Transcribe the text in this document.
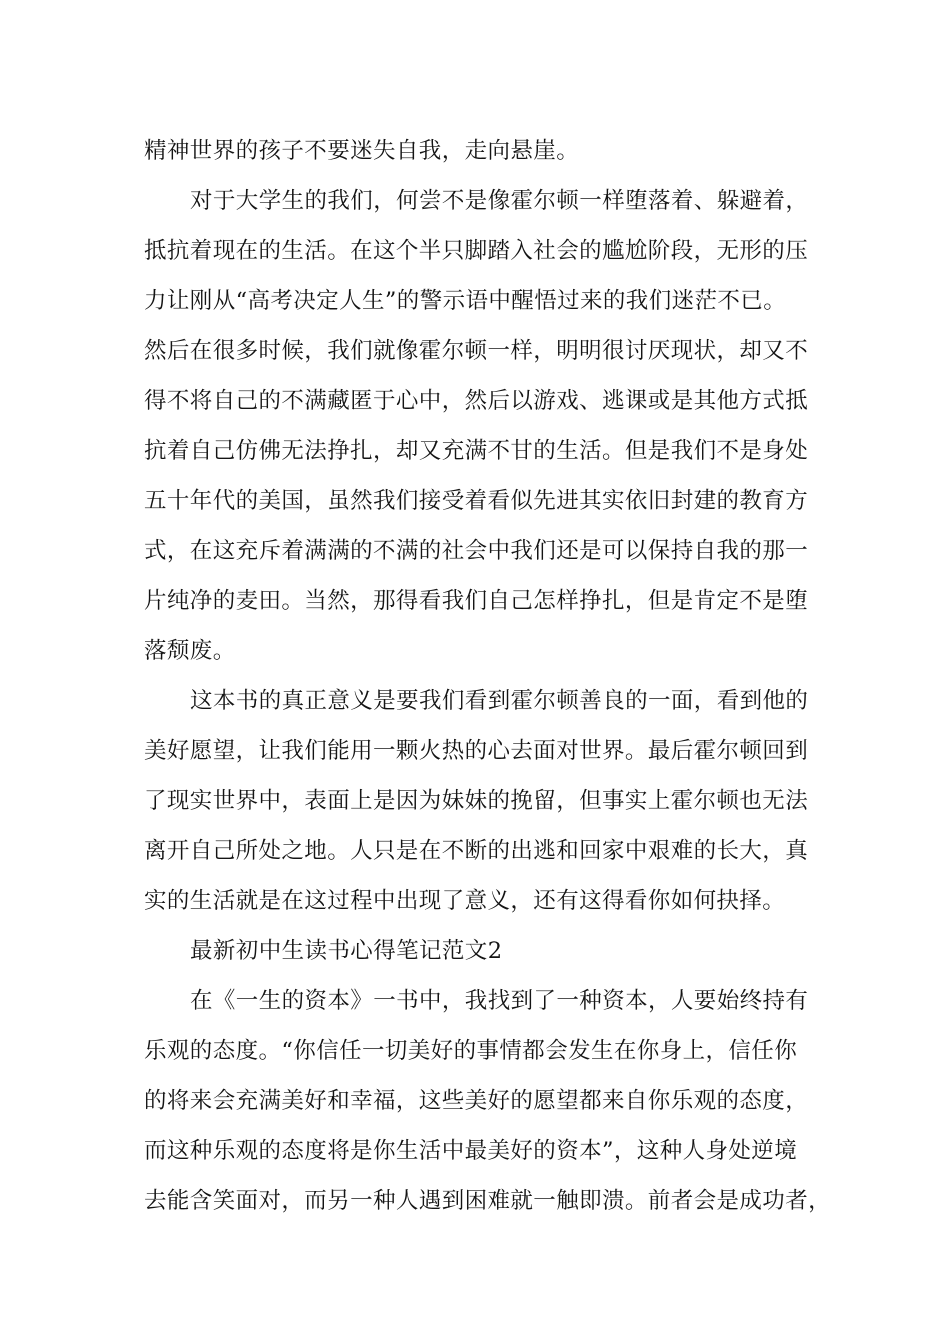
精神世界的孩子不要迷失自我，走向悬崖。

对于大学生的我们，何尝不是像霍尔顿一样堕落着、躲避着，
抵抗着现在的生活。在这个半只脚踏入社会的尴尬阶段，无形的压
力让刚从“高考决定人生”的警示语中醒悟过来的我们迷茫不已。
然后在很多时候，我们就像霍尔顿一样，明明很讨厌现状，却又不
得不将自己的不满藏匿于心中，然后以游戏、逃课或是其他方式抵
抗着自己仿佛无法挣扎，却又充满不甘的生活。但是我们不是身处
五十年代的美国，虽然我们接受着看似先进其实依旧封建的教育方
式，在这充斥着满满的不满的社会中我们还是可以保持自我的那一
片纯净的麦田。当然，那得看我们自己怎样挣扎，但是肯定不是堕
落颓废。

这本书的真正意义是要我们看到霍尔顿善良的一面，看到他的
美好愿望，让我们能用一颗火热的心去面对世界。最后霍尔顿回到
了现实世界中，表面上是因为妹妹的挽留，但事实上霍尔顿也无法
离开自己所处之地。人只是在不断的出逃和回家中艰难的长大，真
实的生活就是在这过程中出现了意义，还有这得看你如何抉择。

最新初中生读书心得笔记范文2

在《一生的资本》一书中，我找到了一种资本，人要始终持有
乐观的态度。“你信任一切美好的事情都会发生在你身上，信任你
的将来会充满美好和幸福，这些美好的愿望都来自你乐观的态度，
而这种乐观的态度将是你生活中最美好的资本”，这种人身处逆境
去能含笑面对，而另一种人遇到困难就一触即溃。前者会是成功者，
